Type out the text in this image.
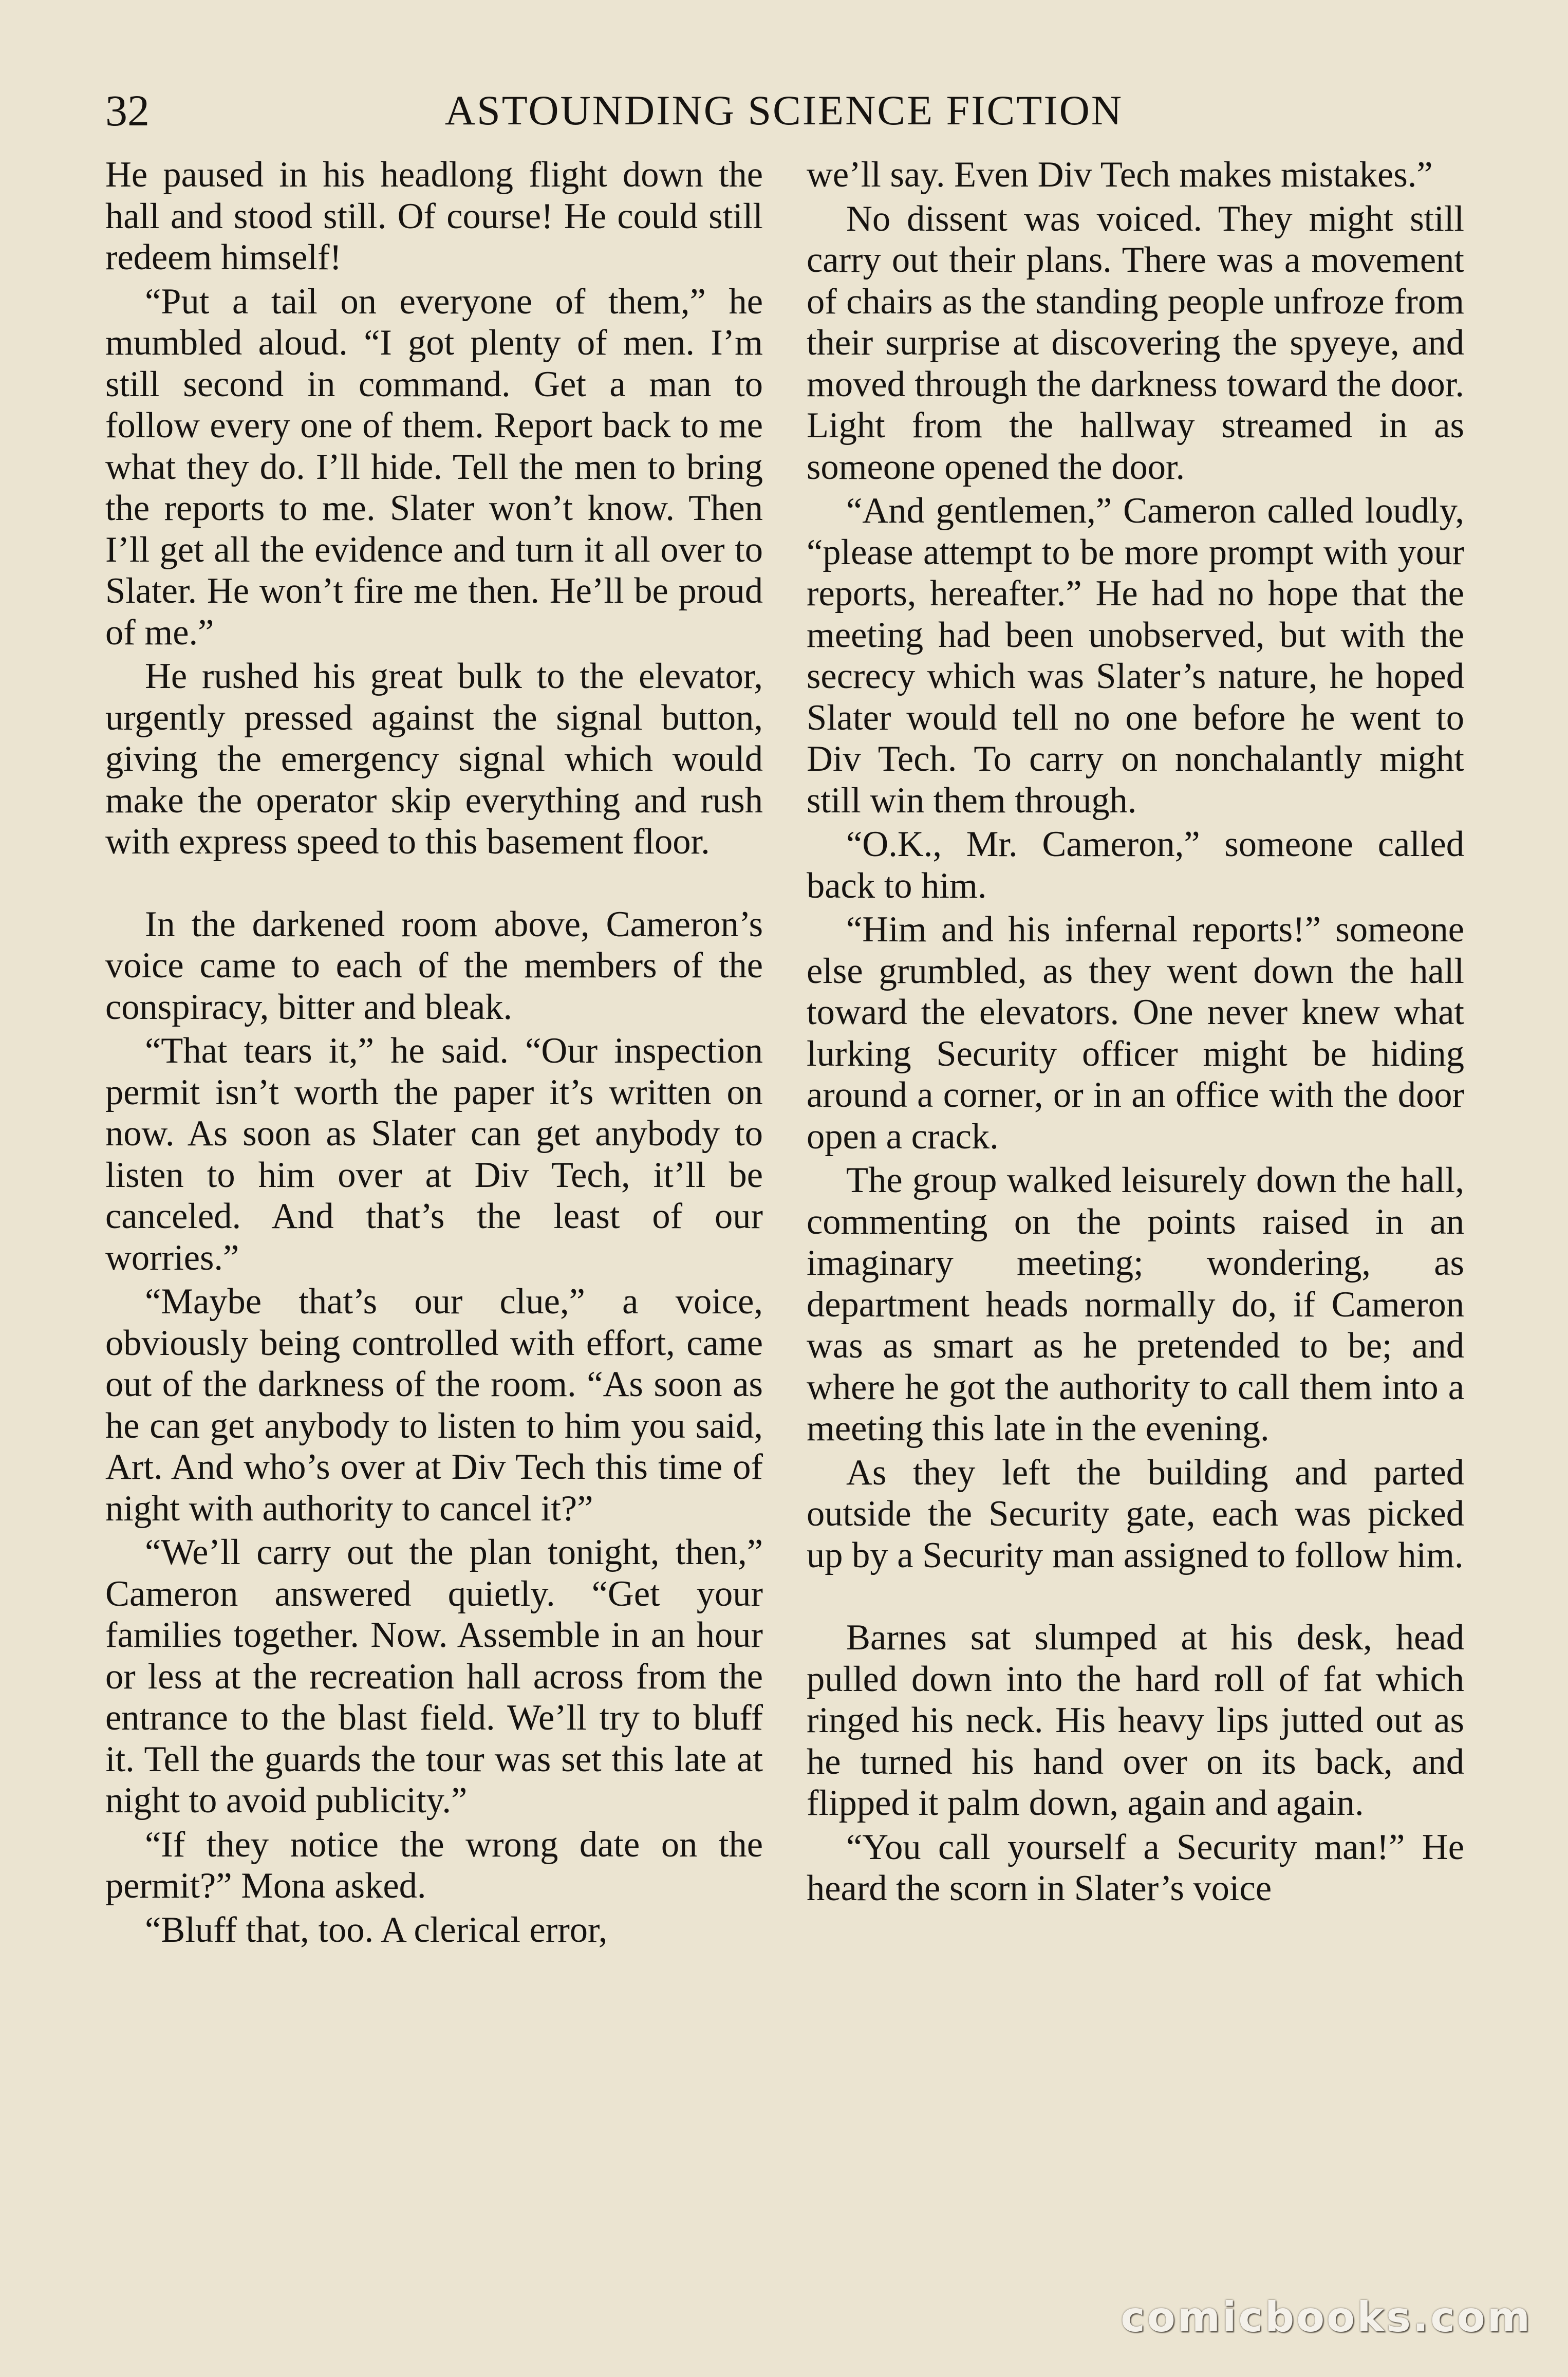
32	ASTOUNDING SCIENCE FICTION

He paused in his headlong flight down the hall and stood still. Of course! He could still redeem himself!

“Put a tail on everyone of them,” he mumbled aloud. “I got plenty of men. I’m still second in command. Get a man to follow every one of them. Report back to me what they do. I’ll hide. Tell the men to bring the reports to me. Slater won’t know. Then I’ll get all the evidence and turn it all over to Slater. He won’t fire me then. He’ll be proud of me.”

He rushed his great bulk to the elevator, urgently pressed against the signal button, giving the emergency signal which would make the operator skip everything and rush with express speed to this basement floor.

In the darkened room above, Cameron’s voice came to each of the members of the conspiracy, bitter and bleak.

“That tears it,” he said. “Our inspection permit isn’t worth the paper it’s written on now. As soon as Slater can get anybody to listen to him over at Div Tech, it’ll be canceled. And that’s the least of our worries.”

“Maybe that’s our clue,” a voice, obviously being controlled with effort, came out of the darkness of the room. “As soon as he can get anybody to listen to him you said, Art. And who’s over at Div Tech this time of night with authority to cancel it?”

“We’ll carry out the plan tonight, then,” Cameron answered quietly. “Get your families together. Now. Assemble in an hour or less at the recreation hall across from the entrance to the blast field. We’ll try to bluff it. Tell the guards the tour was set this late at night to avoid publicity.”

“If they notice the wrong date on the permit?” Mona asked.

“Bluff that, too. A clerical error,

we’ll say. Even Div Tech makes mistakes.”

No dissent was voiced. They might still carry out their plans. There was a movement of chairs as the standing people unfroze from their surprise at discovering the spyeye, and moved through the darkness toward the door. Light from the hallway streamed in as someone opened the door.

“And gentlemen,” Cameron called loudly, “please attempt to be more prompt with your reports, hereafter.” He had no hope that the meeting had been unobserved, but with the secrecy which was Slater’s nature, he hoped Slater would tell no one before he went to Div Tech. To carry on nonchalantly might still win them through.

“O.K., Mr. Cameron,” someone called back to him.

“Him and his infernal reports!” someone else grumbled, as they went down the hall toward the elevators. One never knew what lurking Security officer might be hiding around a corner, or in an office with the door open a crack.

The group walked leisurely down the hall, commenting on the points raised in an imaginary meeting; wondering, as department heads normally do, if Cameron was as smart as he pretended to be; and where he got the authority to call them into a meeting this late in the evening.

As they left the building and parted outside the Security gate, each was picked up by a Security man assigned to follow him.

Barnes sat slumped at his desk, head pulled down into the hard roll of fat which ringed his neck. His heavy lips jutted out as he turned his hand over on its back, and flipped it palm down, again and again.

“You call yourself a Security man!” He heard the scorn in Slater’s voice

comicbooks.com
